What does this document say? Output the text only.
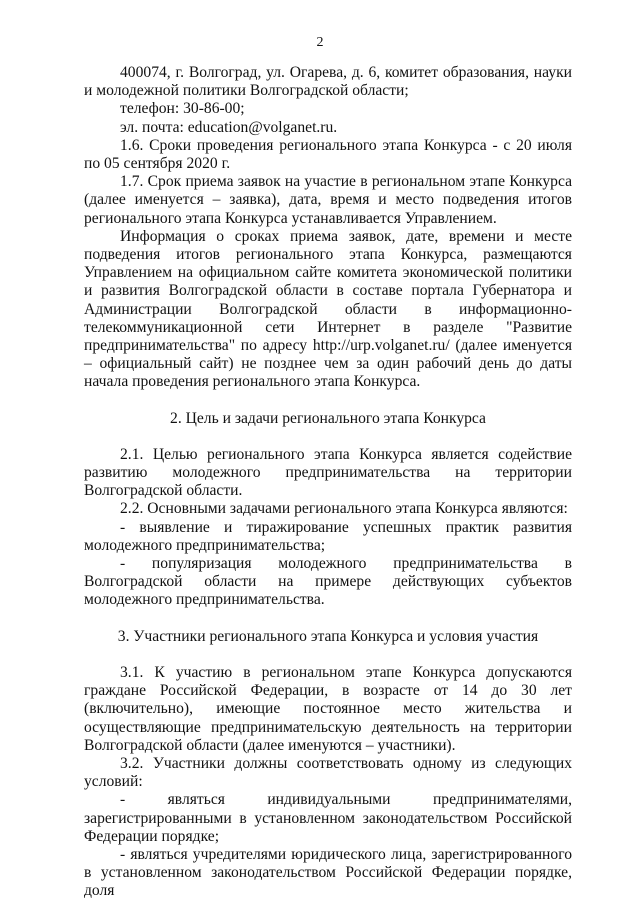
2

400074, г. Волгоград, ул. Огарева, д. 6, комитет образования, науки и молодежной политики Волгоградской области;

телефон: 30-86-00;

эл. почта: education@volganet.ru.

1.6. Сроки проведения регионального этапа Конкурса - с 20 июля по 05 сентября 2020 г.

1.7. Срок приема заявок на участие в региональном этапе Конкурса (далее именуется – заявка), дата, время и место подведения итогов регионального этапа Конкурса устанавливается Управлением.

Информация о сроках приема заявок, дате, времени и месте подведения итогов регионального этапа Конкурса, размещаются Управлением на официальном сайте комитета экономической политики и развития Волгоградской области в составе портала Губернатора и Администрации Волгоградской области в информационно-телекоммуникационной сети Интернет в разделе "Развитие предпринимательства" по адресу http://urp.volganet.ru/ (далее именуется – официальный сайт) не позднее чем за один рабочий день до даты начала проведения регионального этапа Конкурса.

2. Цель и задачи регионального этапа Конкурса

2.1. Целью регионального этапа Конкурса является содействие развитию молодежного предпринимательства на территории Волгоградской области.

2.2. Основными задачами регионального этапа Конкурса являются:

- выявление и тиражирование успешных практик развития молодежного предпринимательства;

- популяризация молодежного предпринимательства в Волгоградской области на примере действующих субъектов молодежного предпринимательства.

3. Участники регионального этапа Конкурса и условия участия

3.1. К участию в региональном этапе Конкурса допускаются граждане Российской Федерации, в возрасте от 14 до 30 лет (включительно), имеющие постоянное место жительства и осуществляющие предпринимательскую деятельность на территории Волгоградской области (далее именуются – участники).

3.2. Участники должны соответствовать одному из следующих условий:

- являться индивидуальными предпринимателями, зарегистрированными в установленном законодательством Российской Федерации порядке;

- являться учредителями юридического лица, зарегистрированного в установленном законодательством Российской Федерации порядке, доля
